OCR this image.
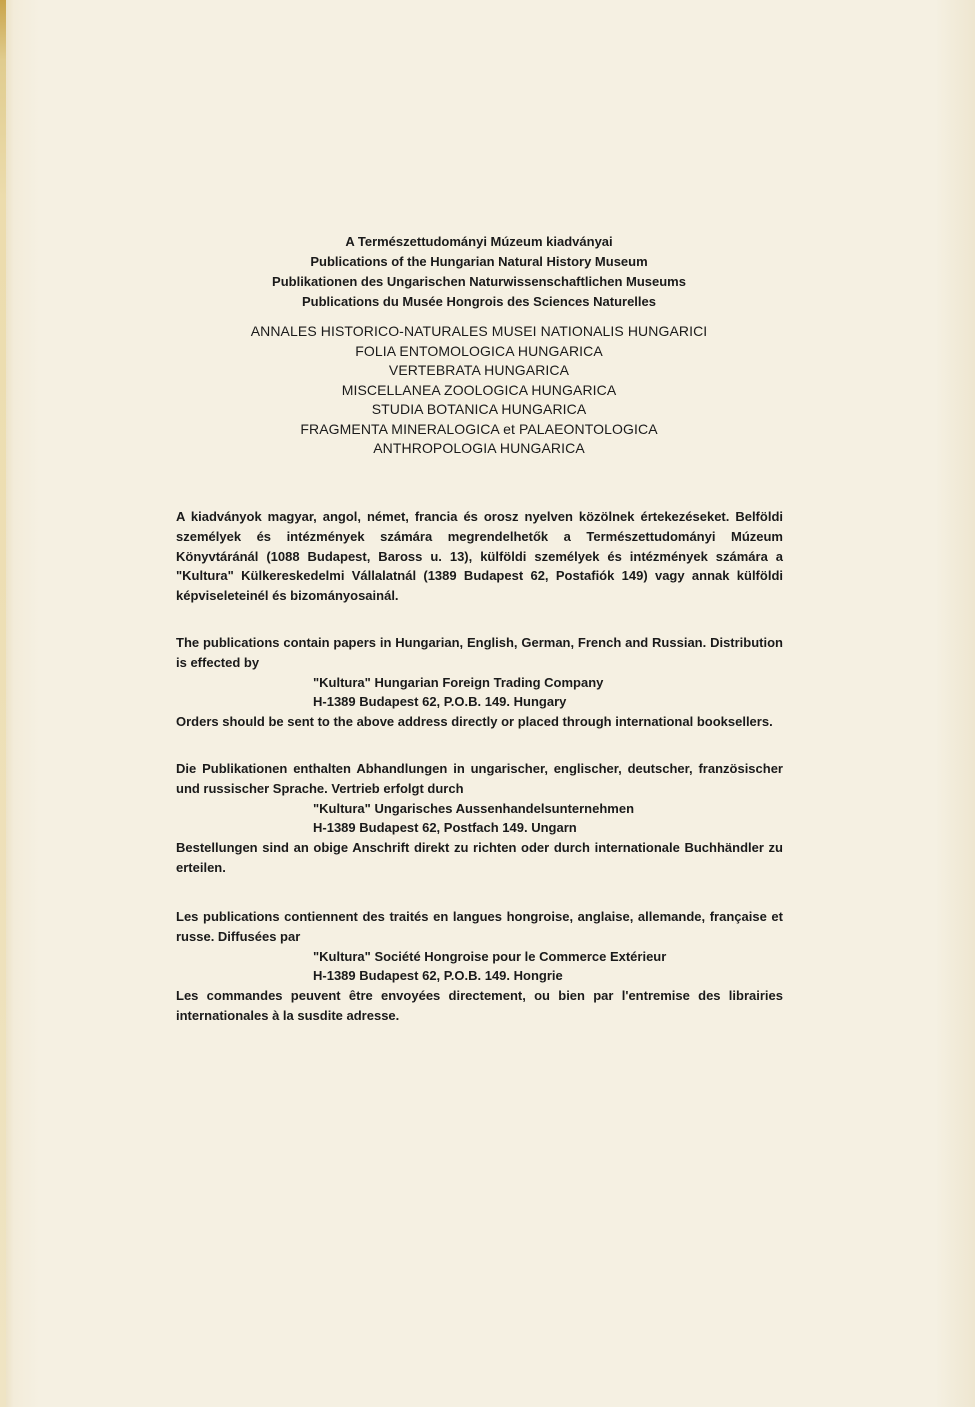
A Természettudományi Múzeum kiadványai
Publications of the Hungarian Natural History Museum
Publikationen des Ungarischen Naturwissenschaftlichen Museums
Publications du Musée Hongrois des Sciences Naturelles
ANNALES HISTORICO-NATURALES MUSEI NATIONALIS HUNGARICI
FOLIA ENTOMOLOGICA HUNGARICA
VERTEBRATA HUNGARICA
MISCELLANEA ZOOLOGICA HUNGARICA
STUDIA BOTANICA HUNGARICA
FRAGMENTA MINERALOGICA et PALAEONTOLOGICA
ANTHROPOLOGIA HUNGARICA
A kiadványok magyar, angol, német, francia és orosz nyelven közölnek értekezéseket. Belföldi személyek és intézmények számára megrendelhetők a Természettudományi Múzeum Könyvtáránál (1088 Budapest, Baross u. 13), külföldi személyek és intézmények számára a "Kultura" Külkereskedelmi Vállalatnál (1389 Budapest 62, Postafiók 149) vagy annak külföldi képviseleteinél és bizományosainál.
The publications contain papers in Hungarian, English, German, French and Russian. Distribution is effected by
"Kultura" Hungarian Foreign Trading Company
H-1389 Budapest 62, P.O.B. 149. Hungary
Orders should be sent to the above address directly or placed through international booksellers.
Die Publikationen enthalten Abhandlungen in ungarischer, englischer, deutscher, französischer und russischer Sprache. Vertrieb erfolgt durch
"Kultura" Ungarisches Aussenhandelsunternehmen
H-1389 Budapest 62, Postfach 149. Ungarn
Bestellungen sind an obige Anschrift direkt zu richten oder durch internationale Buchhändler zu erteilen.
Les publications contiennent des traités en langues hongroise, anglaise, allemande, française et russe. Diffusées par
"Kultura" Société Hongroise pour le Commerce Extérieur
H-1389 Budapest 62, P.O.B. 149. Hongrie
Les commandes peuvent être envoyées directement, ou bien par l'entremise des librairies internationales à la susdite adresse.
